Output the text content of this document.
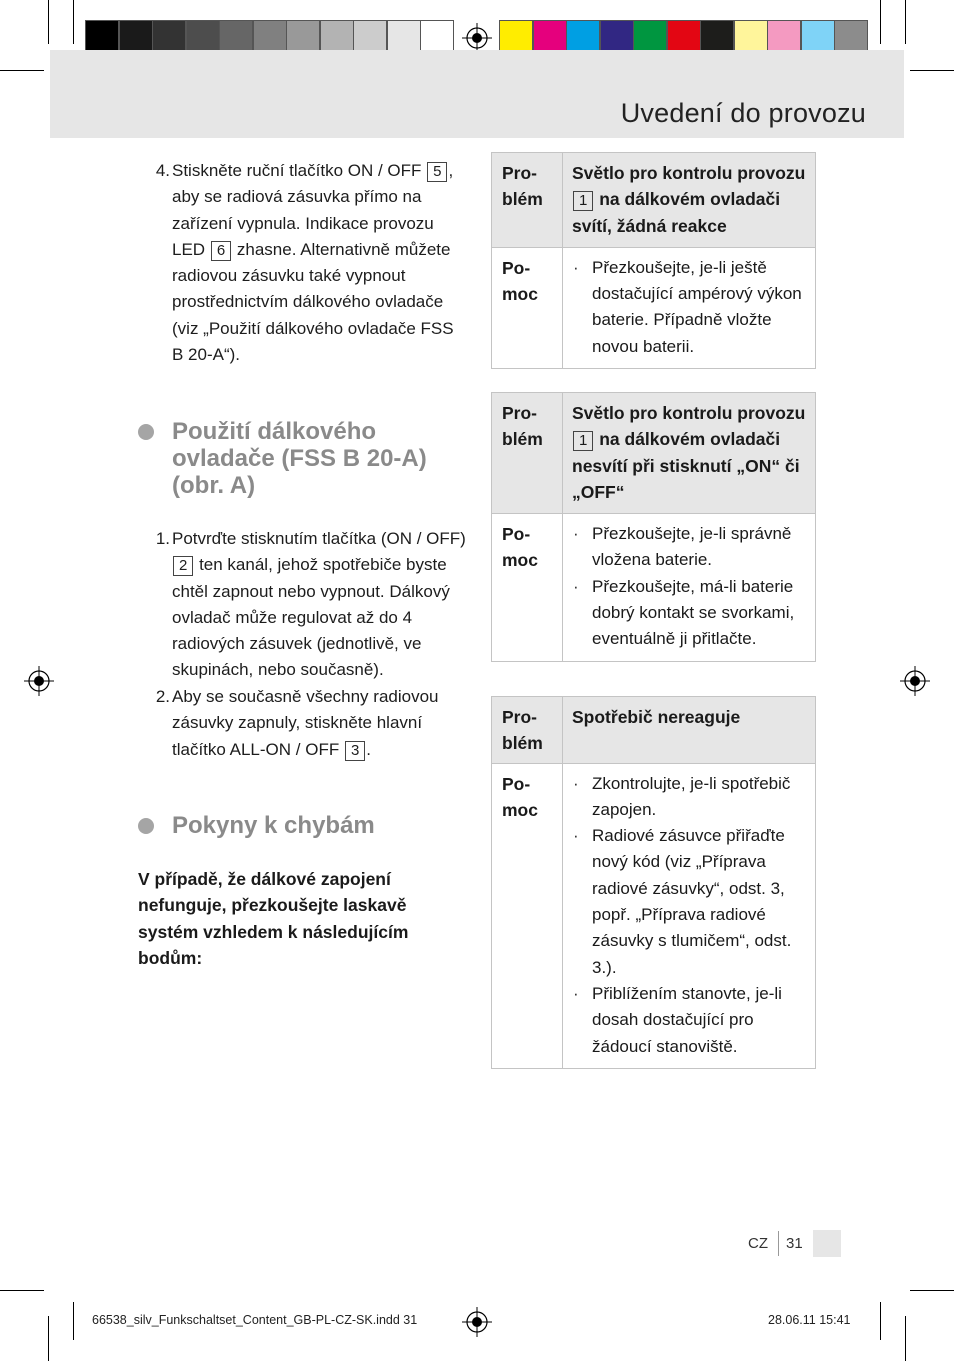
Uvedení do provozu
4. Stiskněte ruční tlačítko ON / OFF 5 , aby se radiová zásuvka přímo na zařízení vypnula. Indikace provozu LED 6 zhasne. Alternativně můžete radiovou zásuvku také vypnout prostřednictvím dálkového ovladače (viz „Použití dálkového ovladače FSS B 20-A“).
Použití dálkového ovladače (FSS B 20-A) (obr. A)
1. Potvrďte stisknutím tlačítka (ON / OFF) 2 ten kanál, jehož spotřebiče byste chtěl zapnout nebo vypnout. Dálkový ovladač může regulovat až do 4 radiových zásuvek (jednotlivě, ve skupinách, nebo současně).
2. Aby se současně všechny radiovou zásuvky zapnuly, stiskněte hlavní tlačítko ALL-ON / OFF 3 .
Pokyny k chybám
V případě, že dálkové zapojení nefunguje, přezkoušejte laskavě systém vzhledem k následujícím bodům:
Pro-
blém
Světlo pro kontrolu provozu 1 na dálkovém ovladači svítí, žádná reakce
Po-
moc
· Přezkoušejte, je-li ještě dostačující ampérový výkon baterie. Případně vložte novou baterii.
Pro-
blém
Světlo pro kontrolu provozu 1 na dálkovém ovladači nesvítí při stisknutí „ON“ či „OFF“
Po-
moc
· Přezkoušejte, je-li správně vložena baterie.
· Přezkoušejte, má-li baterie dobrý kontakt se svorkami, eventuálně ji přitlačte.
Pro-
blém
Spotřebič nereaguje
Po-
moc
· Zkontrolujte, je-li spotřebič zapojen.
· Radiové zásuvce přiřaďte nový kód (viz „Příprava radiové zásuvky“, odst. 3, popř. „Příprava radiové zásuvky s tlumičem“, odst. 3.).
· Přiblížením stanovte, je-li dosah dostačující pro žádoucí stanoviště.
CZ 31
66538_silv_Funkschaltset_Content_GB-PL-CZ-SK.indd 31	28.06.11 15:41
